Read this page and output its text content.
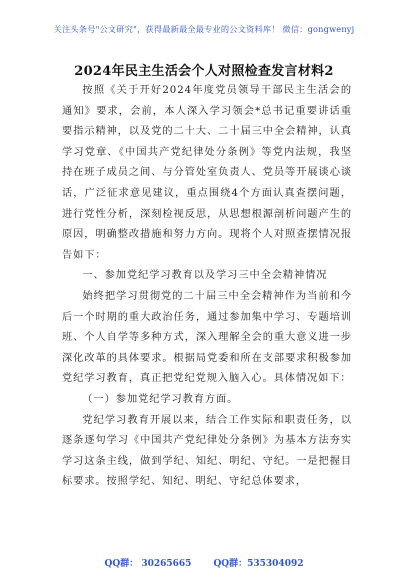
关注头条号"公文研究"，获得最新最全最专业的公文资料库！ 微信：gongwenyj
2024年民主生活会个人对照检查发言材料2

按照《关于开好2024年度党员领导干部民主生活会的通知》要求，会前，本人深入学习领会*总书记重要讲话重要指示精神，以及党的二十大、二十届三中全会精神，认真学习党章、《中国共产党纪律处分条例》等党内法规，我坚持在班子成员之间、与分管处室负责人、党员等开展谈心谈话，广泛征求意见建议，重点围绕4个方面认真查摆问题，进行党性分析，深刻检视反思，从思想根源剖析问题产生的原因，明确整改措施和努力方向。现将个人对照查摆情况报告如下：

一、参加党纪学习教育以及学习三中全会精神情况

始终把学习贯彻党的二十届三中全会精神作为当前和今后一个时期的重大政治任务，通过参加集中学习、专题培训班、个人自学等多种方式，深入理解全会的重大意义进一步深化改革的具体要求。根据局党委和所在支部要求积极参加党纪学习教育，真正把党纪党规入脑入心。具体情况如下：

（一）参加党纪学习教育方面。

党纪学习教育开展以来，结合工作实际和职责任务，以逐条逐句学习《中国共产党纪律处分条例》为基本方法夯实学习这条主线，做到学纪、知纪、明纪、守纪。一是把握目标要求。按照学纪、知纪、明纪、守纪总体要求，

QQ群： 30265665 QQ群：535304092
